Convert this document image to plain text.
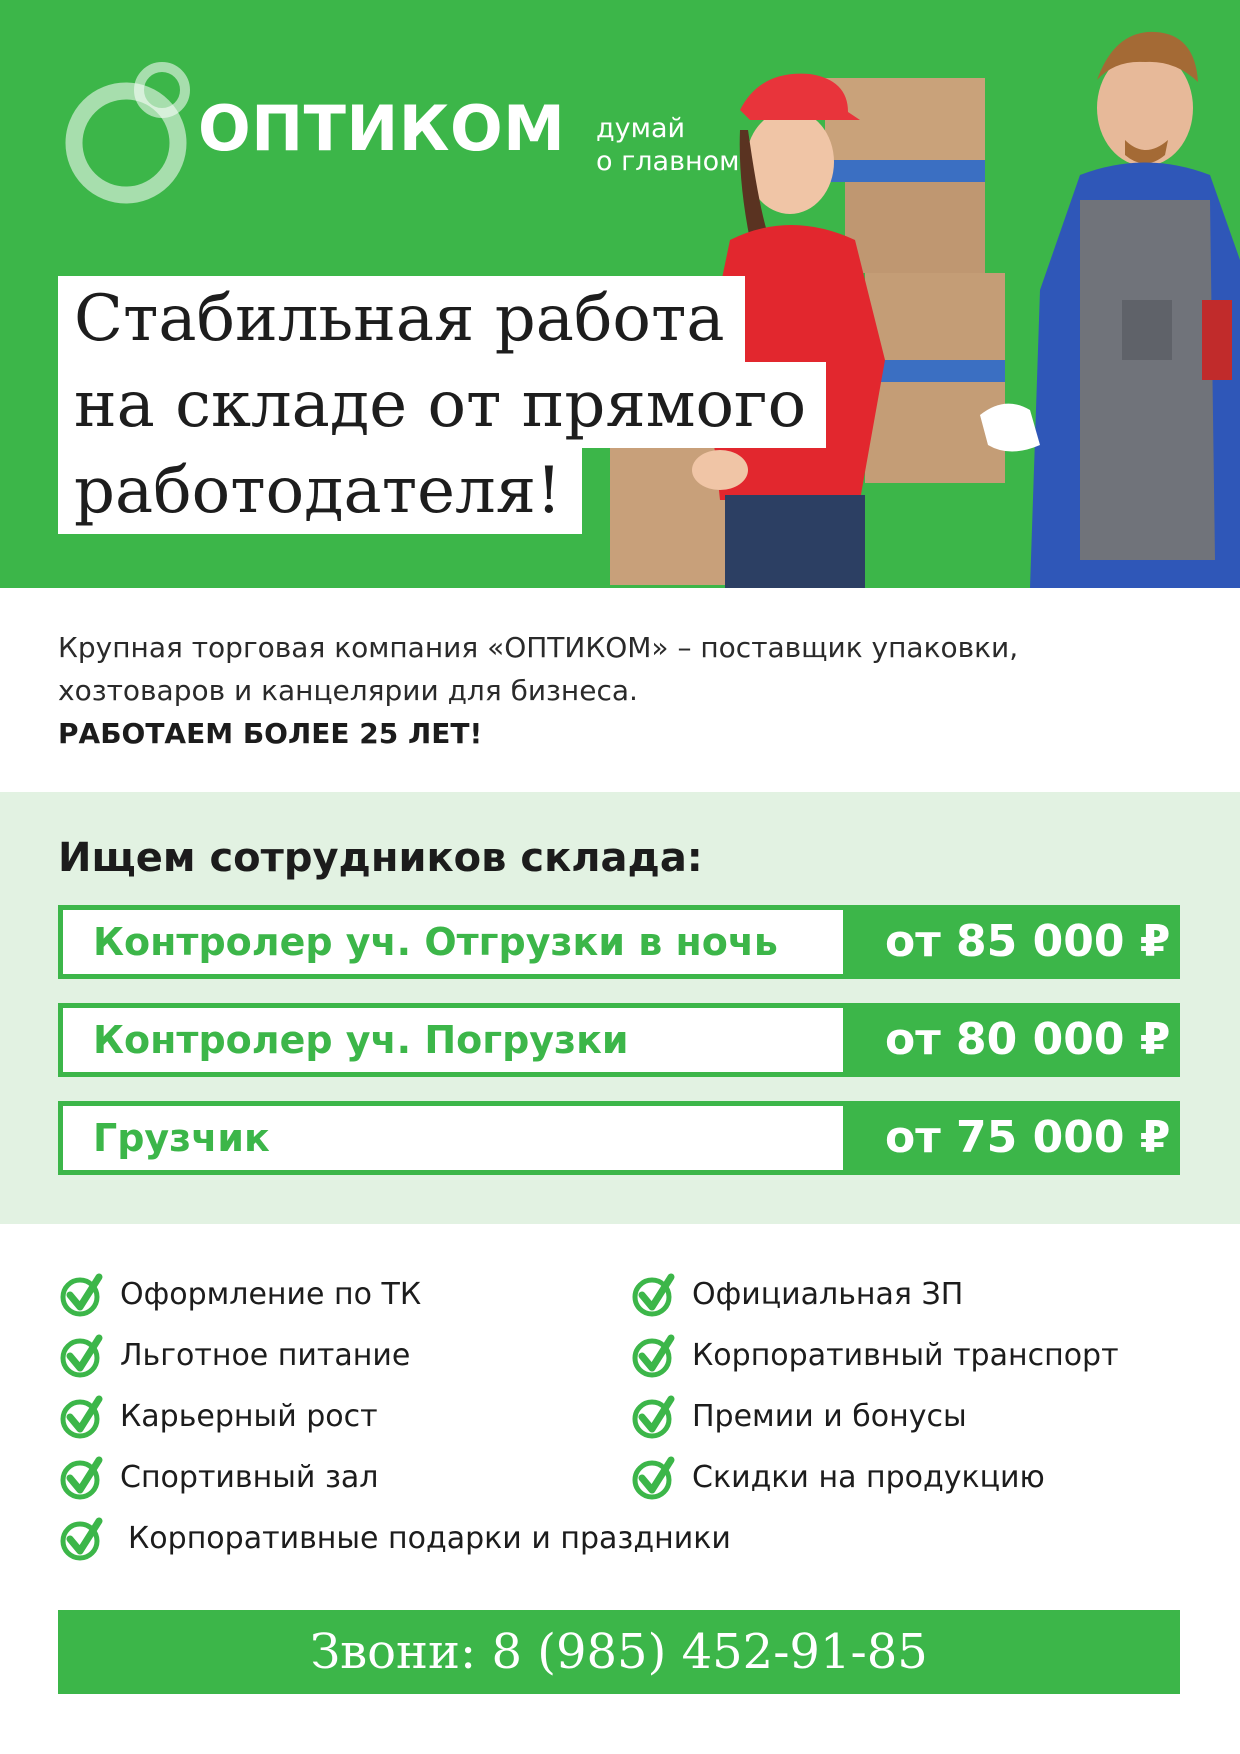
ОПТИКОМ думай
о главном
Стабильная работа
на складе от прямого
работодателя!
Крупная торговая компания «ОПТИКОМ» – поставщик упаковки,
хозтоваров и канцелярии для бизнеса.
РАБОТАЕМ БОЛЕЕ 25 ЛЕТ!
Ищем сотрудников склада:
Контролер уч. Отгрузки в ночь	от 85 000 ₽
Контролер уч. Погрузки	от 80 000 ₽
Грузчик	от 75 000 ₽
Оформление по ТК
Льготное питание
Карьерный рост
Спортивный зал
Официальная ЗП
Корпоративный транспорт
Премии и бонусы
Скидки на продукцию
Корпоративные подарки и праздники
Звони: 8 (985) 452-91-85
